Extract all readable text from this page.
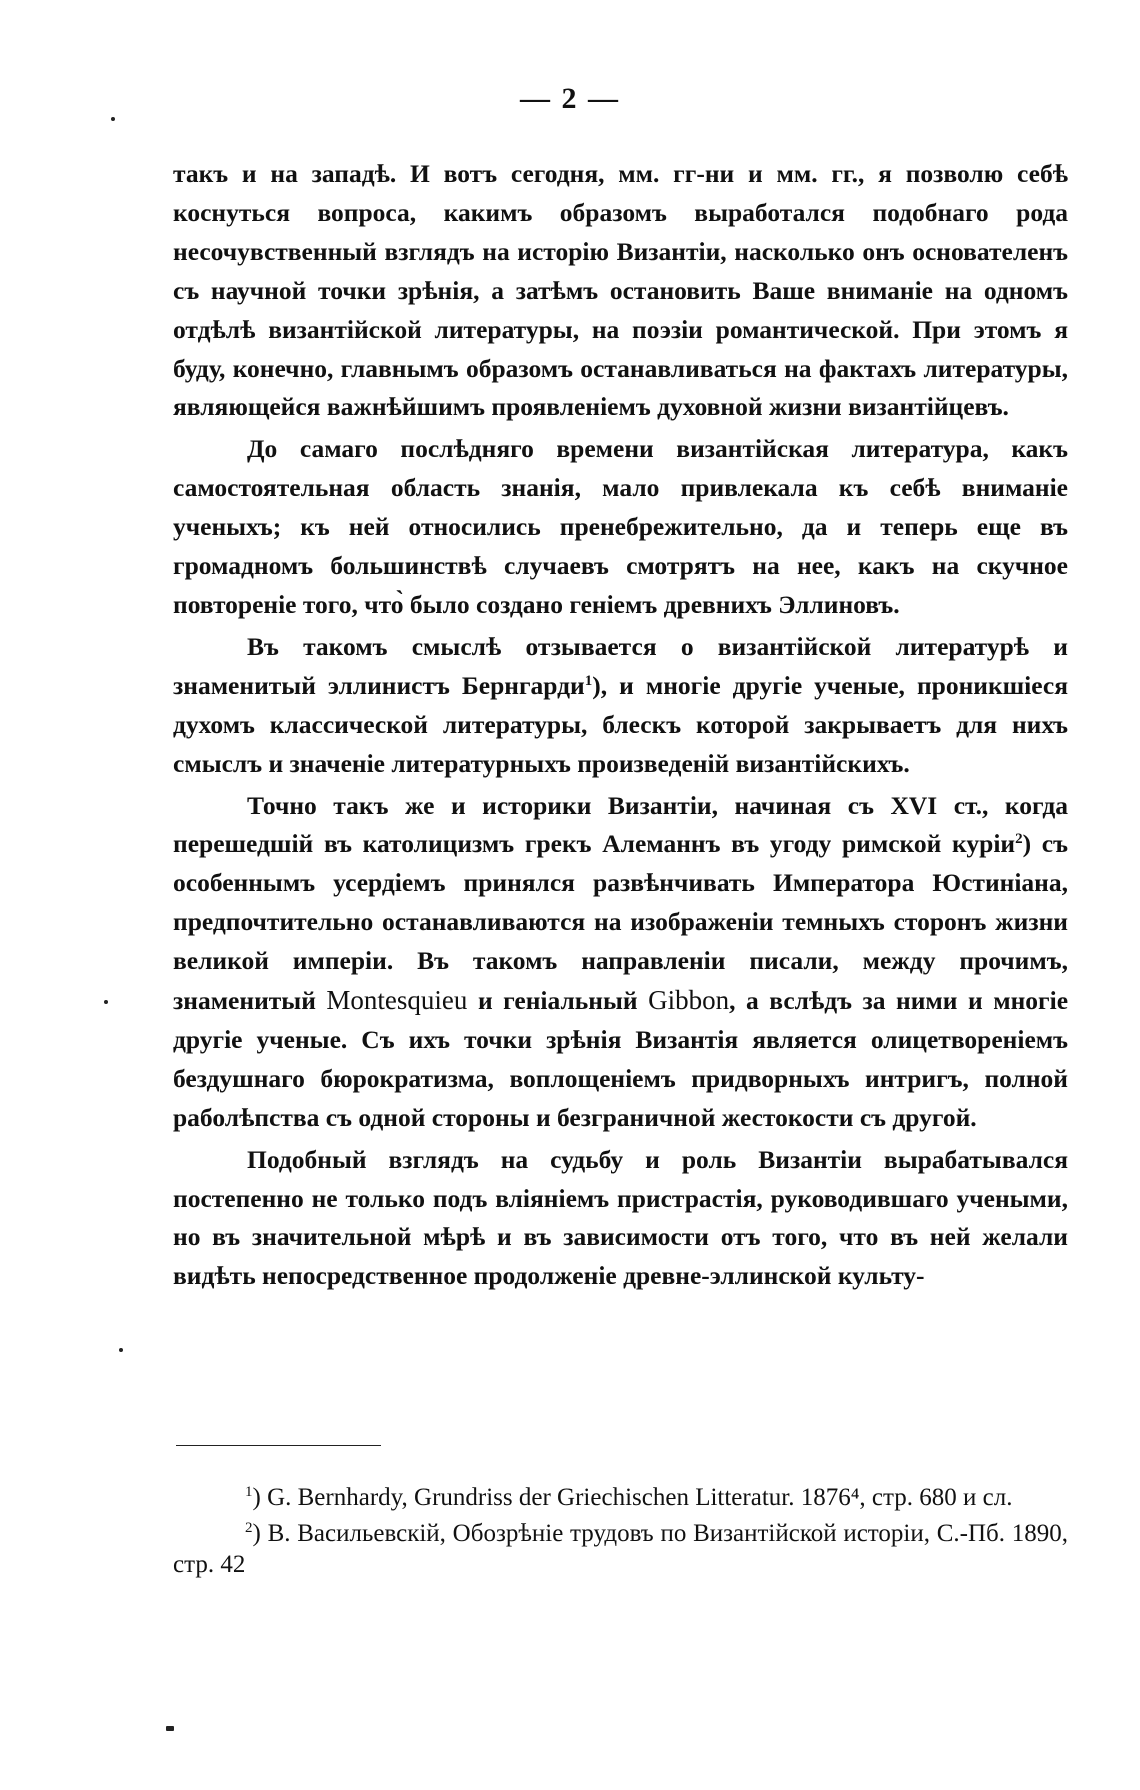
— 2 —

такъ и на западѣ. И вотъ сегодня, мм. гг-ни и мм. гг., я позволю себѣ коснуться вопроса, какимъ образомъ выработался подобнаго рода несочувственный взглядъ на исторію Византіи, насколько онъ основателенъ съ научной точки зрѣнія, а затѣмъ остановить Ваше вниманіе на одномъ отдѣлѣ византійской литературы, на поэзіи романтической. При этомъ я буду, конечно, главнымъ образомъ останавливаться на фактахъ литературы, являющейся важнѣйшимъ проявленіемъ духовной жизни византійцевъ.

До самаго послѣдняго времени византійская литература, какъ самостоятельная область знанія, мало привлекала къ себѣ вниманіе ученыхъ; къ ней относились пренебрежительно, да и теперь еще въ громадномъ большинствѣ случаевъ смотрятъ на нее, какъ на скучное повтореніе того, что̀ было создано геніемъ древнихъ Эллиновъ.

Въ такомъ смыслѣ отзывается о византійской литературѣ и знаменитый эллинистъ Бернгарди$^1$), и многіе другіе ученые, проникшіеся духомъ классической литературы, блескъ которой закрываетъ для нихъ смыслъ и значеніе литературныхъ произведеній византійскихъ.

Точно такъ же и историки Византіи, начиная съ XVI ст., когда перешедшій въ католицизмъ грекъ Алеманнъ въ угоду римской куріи$^2$) съ особеннымъ усердіемъ принялся развѣнчивать Императора Юстиніана, предпочтительно останавливаются на изображеніи темныхъ сторонъ жизни великой имперіи. Въ такомъ направленіи писали, между прочимъ, знаменитый Montesquieu и геніальный Gibbon, а вслѣдъ за ними и многіе другіе ученые. Съ ихъ точки зрѣнія Византія является олицетвореніемъ бездушнаго бюрократизма, воплощеніемъ придворныхъ интригъ, полной раболѣпства съ одной стороны и безграничной жестокости съ другой.

Подобный взглядъ на судьбу и роль Византіи вырабатывался постепенно не только подъ вліяніемъ пристрастія, руководившаго учеными, но въ значительной мѣрѣ и въ зависимости отъ того, что въ ней желали видѣть непосредственное продолженіе древне-эллинской культу-

$^1$) G. Bernhardy, Grundriss der Griechischen Litteratur. 1876⁴, стр. 680 и сл.

$^2$) В. Васильевскій, Обозрѣніе трудовъ по Византійской исторіи, С.-Пб. 1890, стр. 42
